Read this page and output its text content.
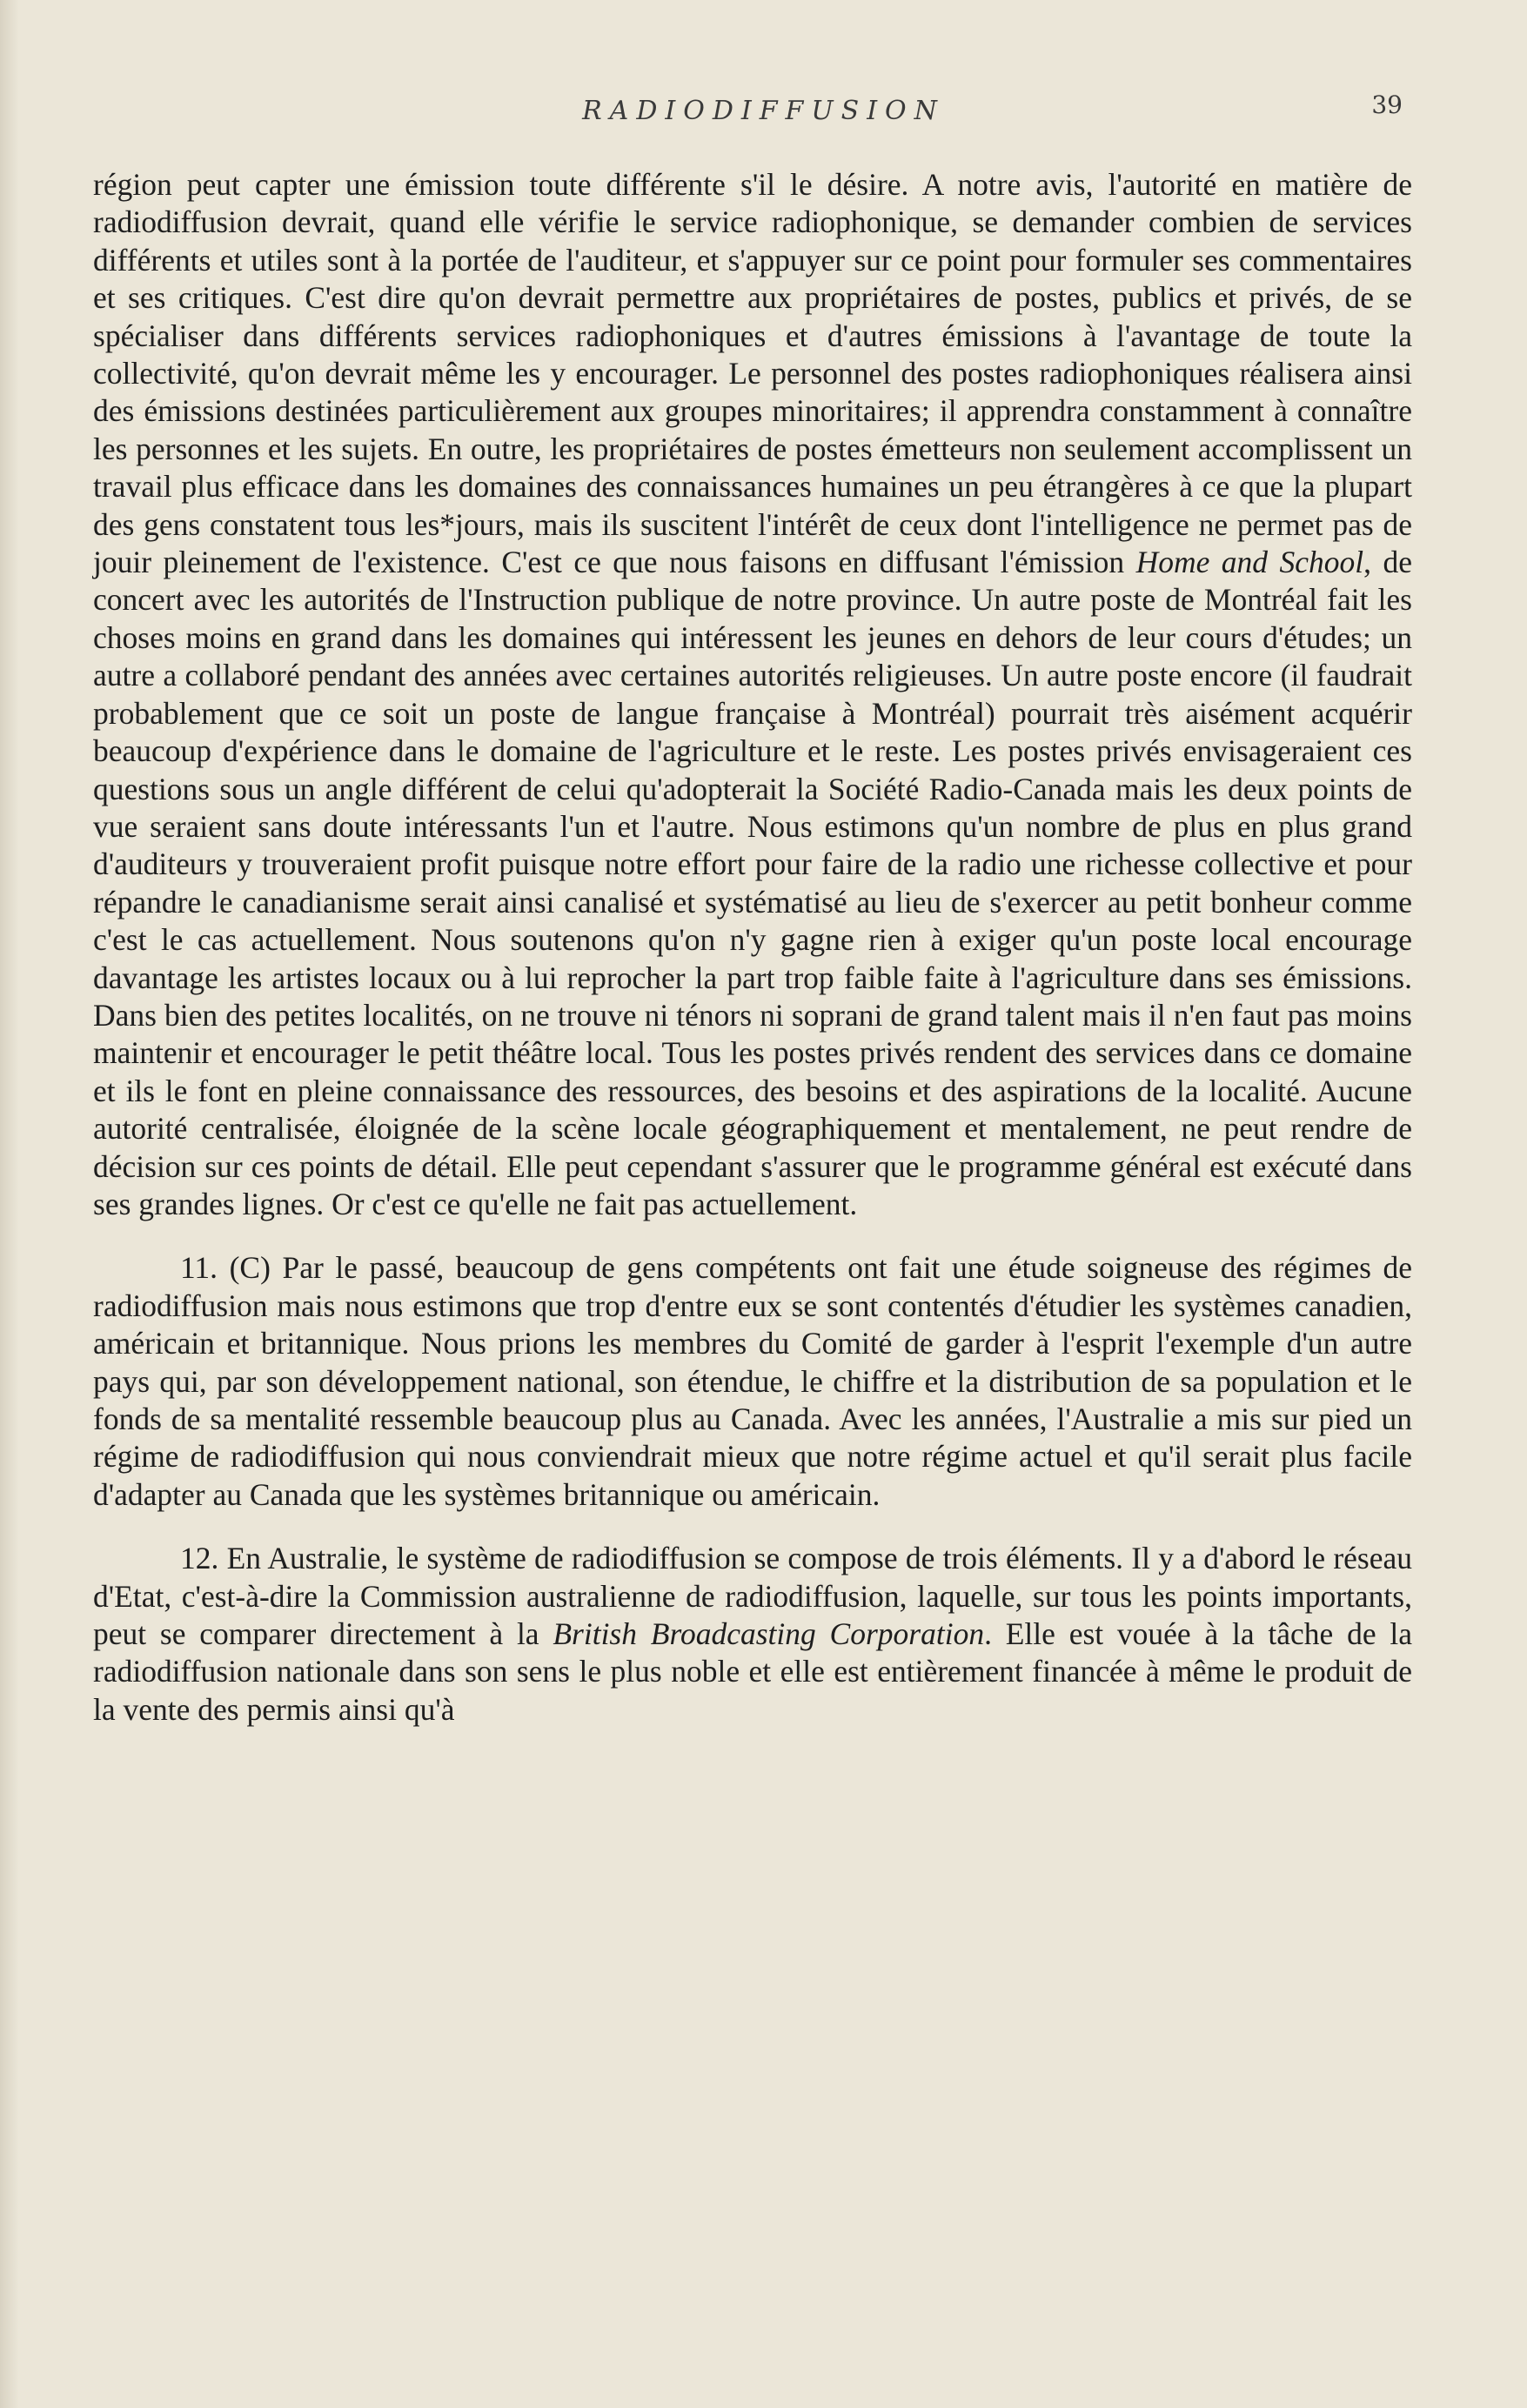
RADIODIFFUSION	39

région peut capter une émission toute différente s'il le désire. A notre avis, l'autorité en matière de radiodiffusion devrait, quand elle vérifie le service radiophonique, se demander combien de services différents et utiles sont à la portée de l'auditeur, et s'appuyer sur ce point pour formuler ses commentaires et ses critiques. C'est dire qu'on devrait permettre aux propriétaires de postes, publics et privés, de se spécialiser dans différents services radiophoniques et d'autres émissions à l'avantage de toute la collectivité, qu'on devrait même les y encourager. Le personnel des postes radiophoniques réalisera ainsi des émissions destinées particulièrement aux groupes minoritaires; il apprendra constamment à connaître les personnes et les sujets. En outre, les propriétaires de postes émetteurs non seulement accomplissent un travail plus efficace dans les domaines des connaissances humaines un peu étrangères à ce que la plupart des gens constatent tous les*jours, mais ils suscitent l'intérêt de ceux dont l'intelligence ne permet pas de jouir pleinement de l'existence. C'est ce que nous faisons en diffusant l'émission Home and School, de concert avec les autorités de l'Instruction publique de notre province. Un autre poste de Montréal fait les choses moins en grand dans les domaines qui intéressent les jeunes en dehors de leur cours d'études; un autre a collaboré pendant des années avec certaines autorités religieuses. Un autre poste encore (il faudrait probablement que ce soit un poste de langue française à Montréal) pourrait très aisément acquérir beaucoup d'expérience dans le domaine de l'agriculture et le reste. Les postes privés envisageraient ces questions sous un angle différent de celui qu'adopterait la Société Radio-Canada mais les deux points de vue seraient sans doute intéressants l'un et l'autre. Nous estimons qu'un nombre de plus en plus grand d'auditeurs y trouveraient profit puisque notre effort pour faire de la radio une richesse collective et pour répandre le canadianisme serait ainsi canalisé et systématisé au lieu de s'exercer au petit bonheur comme c'est le cas actuellement. Nous soutenons qu'on n'y gagne rien à exiger qu'un poste local encourage davantage les artistes locaux ou à lui reprocher la part trop faible faite à l'agriculture dans ses émissions. Dans bien des petites localités, on ne trouve ni ténors ni soprani de grand talent mais il n'en faut pas moins maintenir et encourager le petit théâtre local. Tous les postes privés rendent des services dans ce domaine et ils le font en pleine connaissance des ressources, des besoins et des aspirations de la localité. Aucune autorité centralisée, éloignée de la scène locale géographiquement et mentalement, ne peut rendre de décision sur ces points de détail. Elle peut cependant s'assurer que le programme général est exécuté dans ses grandes lignes. Or c'est ce qu'elle ne fait pas actuellement.

11. (C) Par le passé, beaucoup de gens compétents ont fait une étude soigneuse des régimes de radiodiffusion mais nous estimons que trop d'entre eux se sont contentés d'étudier les systèmes canadien, américain et britannique. Nous prions les membres du Comité de garder à l'esprit l'exemple d'un autre pays qui, par son développement national, son étendue, le chiffre et la distribution de sa population et le fonds de sa mentalité ressemble beaucoup plus au Canada. Avec les années, l'Australie a mis sur pied un régime de radiodiffusion qui nous conviendrait mieux que notre régime actuel et qu'il serait plus facile d'adapter au Canada que les systèmes britannique ou américain.

12. En Australie, le système de radiodiffusion se compose de trois éléments. Il y a d'abord le réseau d'Etat, c'est-à-dire la Commission australienne de radiodiffusion, laquelle, sur tous les points importants, peut se comparer directement à la British Broadcasting Corporation. Elle est vouée à la tâche de la radiodiffusion nationale dans son sens le plus noble et elle est entièrement financée à même le produit de la vente des permis ainsi qu'à
